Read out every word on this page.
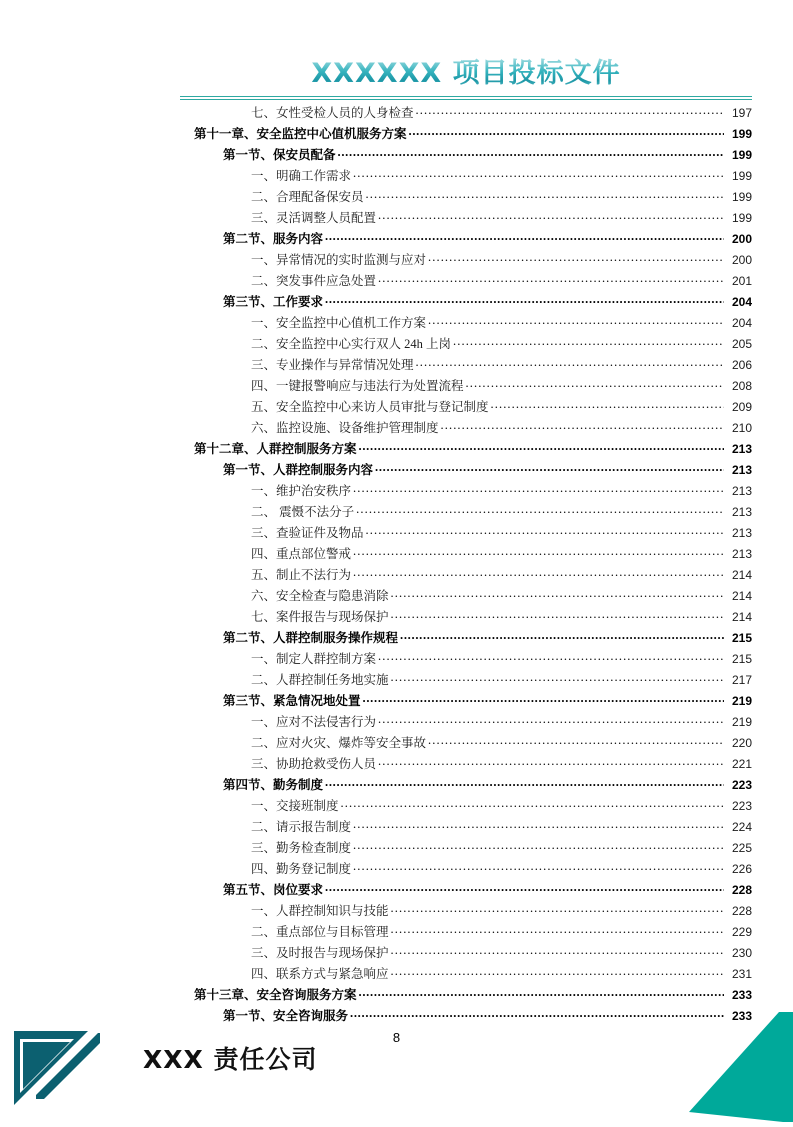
XXXXXX 项目投标文件
七、女性受检人员的人身检查 .....	197
第十一章、安全监控中心值机服务方案 .....	199
第一节、保安员配备 .....	199
一、明确工作需求 .....	199
二、合理配备保安员 .....	199
三、灵活调整人员配置 .....	199
第二节、服务内容 .....	200
一、异常情况的实时监测与应对 .....	200
二、突发事件应急处置 .....	201
第三节、工作要求 .....	204
一、安全监控中心值机工作方案 .....	204
二、安全监控中心实行双人 24h 上岗 .....	205
三、专业操作与异常情况处理 .....	206
四、一键报警响应与违法行为处置流程 .....	208
五、安全监控中心来访人员审批与登记制度 .....	209
六、监控设施、设备维护管理制度 .....	210
第十二章、人群控制服务方案 .....	213
第一节、人群控制服务内容 .....	213
一、维护治安秩序 .....	213
二、 震慑不法分子 .....	213
三、查验证件及物品 .....	213
四、重点部位警戒 .....	213
五、制止不法行为 .....	214
六、安全检查与隐患消除 .....	214
七、案件报告与现场保护 .....	214
第二节、人群控制服务操作规程 .....	215
一、制定人群控制方案 .....	215
二、人群控制任务地实施 .....	217
第三节、紧急情况地处置 .....	219
一、应对不法侵害行为 .....	219
二、应对火灾、爆炸等安全事故 .....	220
三、协助抢救受伤人员 .....	221
第四节、勤务制度 .....	223
一、交接班制度 .....	223
二、请示报告制度 .....	224
三、勤务检查制度 .....	225
四、勤务登记制度 .....	226
第五节、岗位要求 .....	228
一、人群控制知识与技能 .....	228
二、重点部位与目标管理 .....	229
三、及时报告与现场保护 .....	230
四、联系方式与紧急响应 .....	231
第十三章、安全咨询服务方案 .....	233
第一节、安全咨询服务 .....	233
8
XXX 责任公司
